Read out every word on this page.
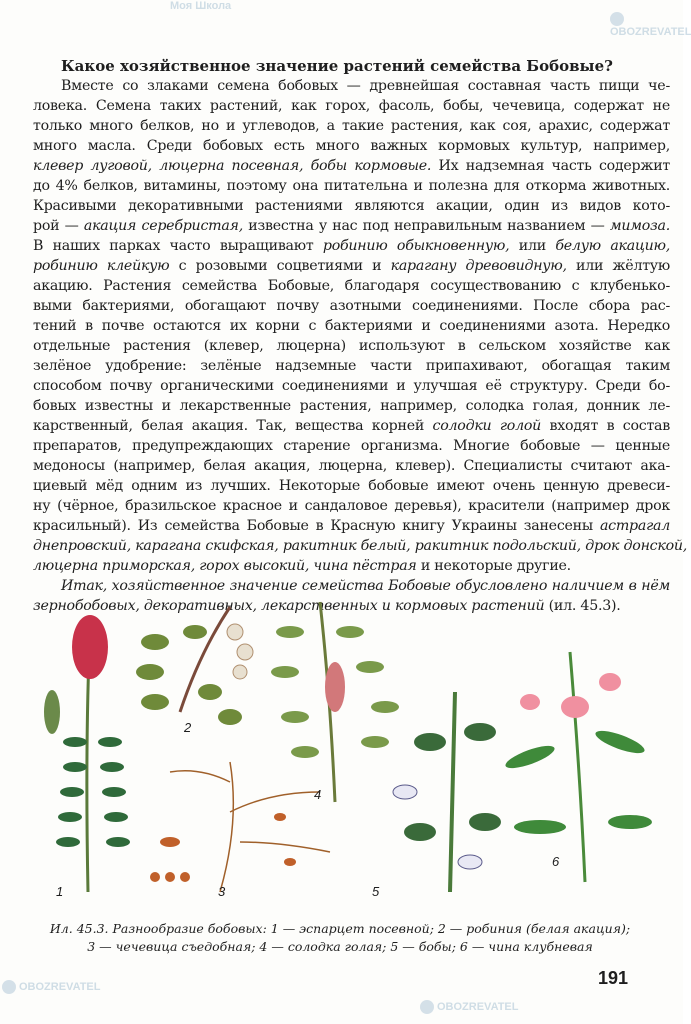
Какое хозяйственное значение растений семейства Бобовые?
Вместе со злаками семена бобовых — древнейшая составная часть пищи че-
ловека. Семена таких растений, как горох, фасоль, бобы, чечевица, содержат не
только много белков, но и углеводов, а такие растения, как соя, арахис, содержат
много масла. Среди бобовых есть много важных кормовых культур, например,
клевер луговой, люцерна посевная, бобы кормовые. Их надземная часть содержит
до 4% белков, витамины, поэтому она питательна и полезна для откорма животных.
Красивыми декоративными растениями являются акации, один из видов кото-
рой — акация серебристая, известна у нас под неправильным названием — мимоза.
В наших парках часто выращивают робинию обыкновенную, или белую акацию,
робинию клейкую с розовыми соцветиями и карагану древовидную, или жёлтую
акацию. Растения семейства Бобовые, благодаря сосуществованию с клубенько-
выми бактериями, обогащают почву азотными соединениями. После сбора рас-
тений в почве остаются их корни с бактериями и соединениями азота. Нередко
отдельные растения (клевер, люцерна) используют в сельском хозяйстве как
зелёное удобрение: зелёные надземные части припахивают, обогащая таким
способом почву органическими соединениями и улучшая её структуру. Среди бо-
бовых известны и лекарственные растения, например, солодка голая, донник ле-
карственный, белая акация. Так, вещества корней солодки голой входят в состав
препаратов, предупреждающих старение организма. Многие бобовые — ценные
медоносы (например, белая акация, люцерна, клевер). Специалисты считают ака-
циевый мёд одним из лучших. Некоторые бобовые имеют очень ценную древеси-
ну (чёрное, бразильское красное и сандаловое деревья), красители (например дрок
красильный). Из семейства Бобовые в Красную книгу Украины занесены астрагал
днепровский, карагана скифская, ракитник белый, ракитник подольский, дрок донской,
люцерна приморская, горох высокий, чина пёстрая и некоторые другие.
Итак, хозяйственное значение семейства Бобовые обусловлено наличием в нём
зернобобовых, декоративных, лекарственных и кормовых растений (ил. 45.3).
1
2
3
4
5
6
Ил. 45.3. Разнообразие бобовых: 1 — эспарцет посевной; 2 — робиния (белая акация);
3 — чечевица съедобная; 4 — солодка голая; 5 — бобы; 6 — чина клубневая
191
OBOZREVATEL
Моя Школа
OBOZREVATEL
OBOZREVATEL
